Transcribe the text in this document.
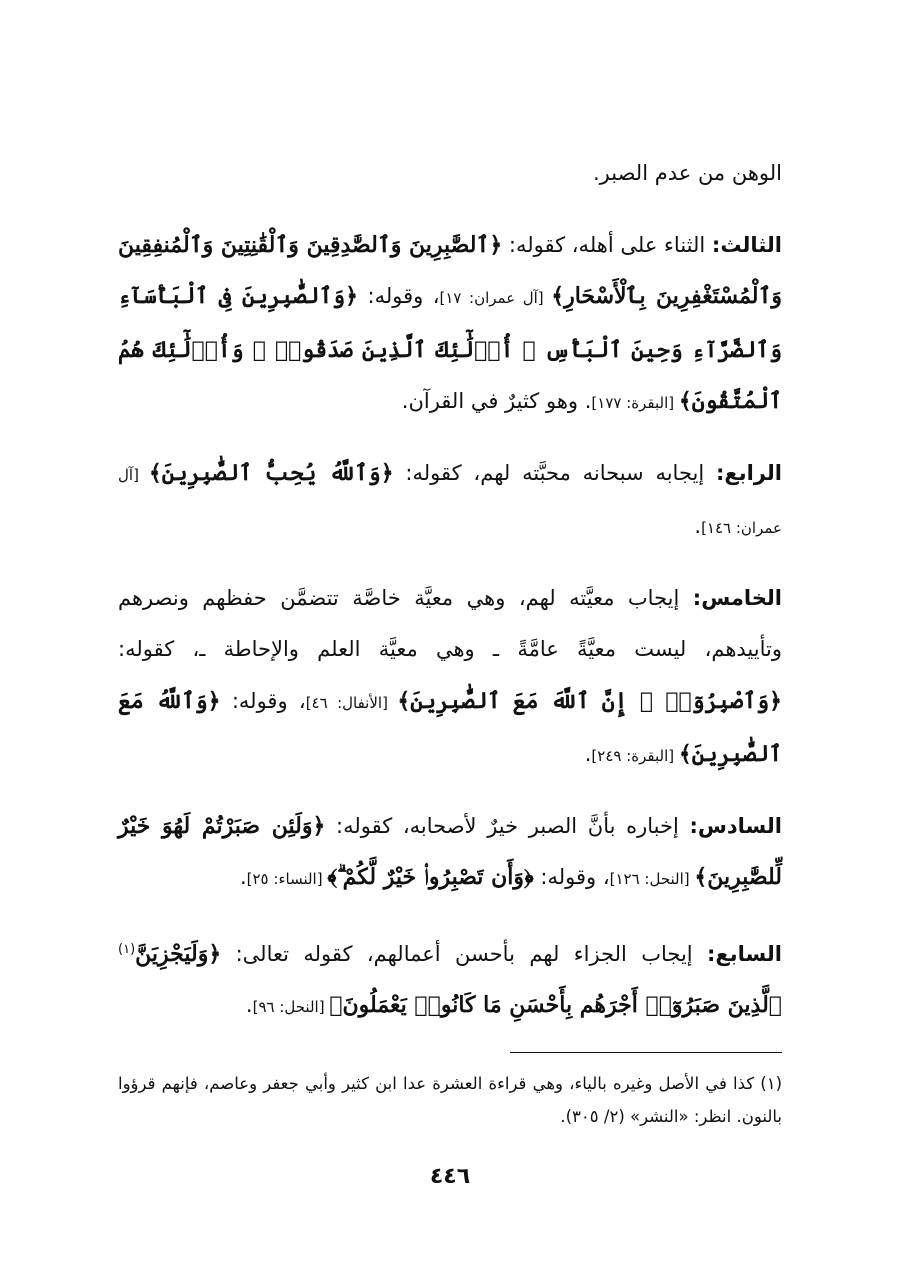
الوهن من عدم الصبر.

الثالث: الثناء على أهله، كقوله: ﴿ٱلصَّٰبِرِينَ وَٱلصَّٰدِقِينَ وَٱلْقَٰنِتِينَ وَٱلْمُنفِقِينَ وَٱلْمُسْتَغْفِرِينَ بِٱلْأَسْحَارِ﴾ [آل عمران: ١٧]، وقوله: ﴿وَٱلصَّٰبِرِينَ فِى ٱلْبَأْسَآءِ وَٱلضَّرَّآءِ وَحِينَ ٱلْبَأْسِ ۗ أُو۟لَٰٓئِكَ ٱلَّذِينَ صَدَقُوا۟ ۖ وَأُو۟لَٰٓئِكَ هُمُ ٱلْمُتَّقُونَ﴾ [البقرة: ١٧٧]. وهو كثيرٌ في القرآن.

الرابع: إيجابه سبحانه محبَّته لهم، كقوله: ﴿وَٱللَّهُ يُحِبُّ ٱلصَّٰبِرِينَ﴾ [آل عمران: ١٤٦].

الخامس: إيجاب معيَّته لهم، وهي معيَّة خاصَّة تتضمَّن حفظهم ونصرهم وتأييدهم، ليست معيَّةً عامَّةً ـ وهي معيَّة العلم والإحاطة ـ، كقوله: ﴿وَٱصْبِرُوٓا۟ ۚ إِنَّ ٱللَّهَ مَعَ ٱلصَّٰبِرِينَ﴾ [الأنفال: ٤٦]، وقوله: ﴿وَٱللَّهُ مَعَ ٱلصَّٰبِرِينَ﴾ [البقرة: ٢٤٩].

السادس: إخباره بأنَّ الصبر خيرٌ لأصحابه، كقوله: ﴿وَلَئِن صَبَرْتُمْ لَهُوَ خَيْرٌ لِّلصَّٰبِرِينَ﴾ [النحل: ١٢٦]، وقوله: ﴿وَأَن تَصْبِرُوا۟ خَيْرٌ لَّكُمْ ۗ﴾ [النساء: ٢٥].

السابع: إيجاب الجزاء لهم بأحسن أعمالهم، كقوله تعالى: ﴿وَلَيَجْزِيَنَّ$^{(١)}$ ٱلَّذِينَ صَبَرُوٓا۟ أَجْرَهُم بِأَحْسَنِ مَا كَانُوا۟ يَعْمَلُونَ﴾ [النحل: ٩٦].

(١) كذا في الأصل وغيره بالياء، وهي قراءة العشرة عدا ابن كثير وأبي جعفر وعاصم، فإنهم قرؤوا بالنون. انظر: «النشر» (٢/ ٣٠٥).
٤٤٦
